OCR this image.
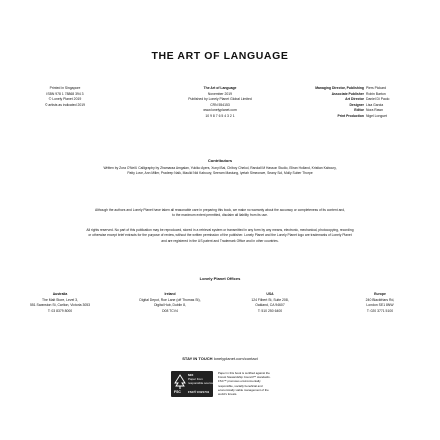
THE ART OF LANGUAGE
Printed in Singapore
ISBN 978 1 78868 394 3
© Lonely Planet 2019
© artists as indicated 2019
The Art of Language
November 2019
Published by Lonely Planet Global Limited
CRN 554153
www.lonelyplanet.com
10 9 8 7 6 5 4 3 2 1
Managing Director, Publishing Piers Pickard
Associate Publisher Robin Barton
Art Director Daniel Di Paolo
Designer Lisa Garcia
Editor Nora Rawn
Print Production Nigel Longuet
Contributors
Written by Zora O'Neill. Calligraphy by Zhamaraa Amgalan, Yukiko Ayers, Xunyi Bai, Chiboy Chekol, Randall M Hasson Studio, Eliran Holland, Kristian Kaboury,
Patty Love, Ann Miller, Pradeep Naik, Maulid Nid Kaboury, Seeram Mastung, Iyetah Simeonwe, Seany Sol, Molly Suber Thorpe
Although the authors and Lonely Planet have taken all reasonable care in preparing this book, we make no warranty about the accuracy or completeness of its content and,
to the maximum extent permitted, disclaim all liability from its use.
All rights reserved. No part of this publication may be reproduced, stored in a retrieval system or transmitted in any form by any means, electronic, mechanical, photocopying, recording
or otherwise except brief extracts for the purpose of review, without the written permission of the publisher. Lonely Planet and the Lonely Planet logo are trademarks of Lonely Planet
and are registered in the US patent and Trademark Office and in other countries.
Lonely Planet Offices
Australia
The Malt Store, Level 3,
551 Swanston St, Carlton, Victoria 3053
T: 03 8379 8000
Ireland
Digital Depot, Roe Lane (off Thomas St),
Digital Hub, Dublin 8,
D08 TCV4
USA
124 Filbert St, Suite 208,
Oakland, CA 94607
T: 510 250 6400
Europe
240 Blackfriars Rd,
London SE1 8NW
T: 020 3771 5100
STAY IN TOUCH lonelyplanet.com/contact
FSC
MIX
Paper from
responsible sources
FSC® C021741
Paper in this book is certified against the Forest Stewardship Council™ standards. FSC™ promotes environmentally responsible, socially beneficial and economically viable management of the world's forests.
